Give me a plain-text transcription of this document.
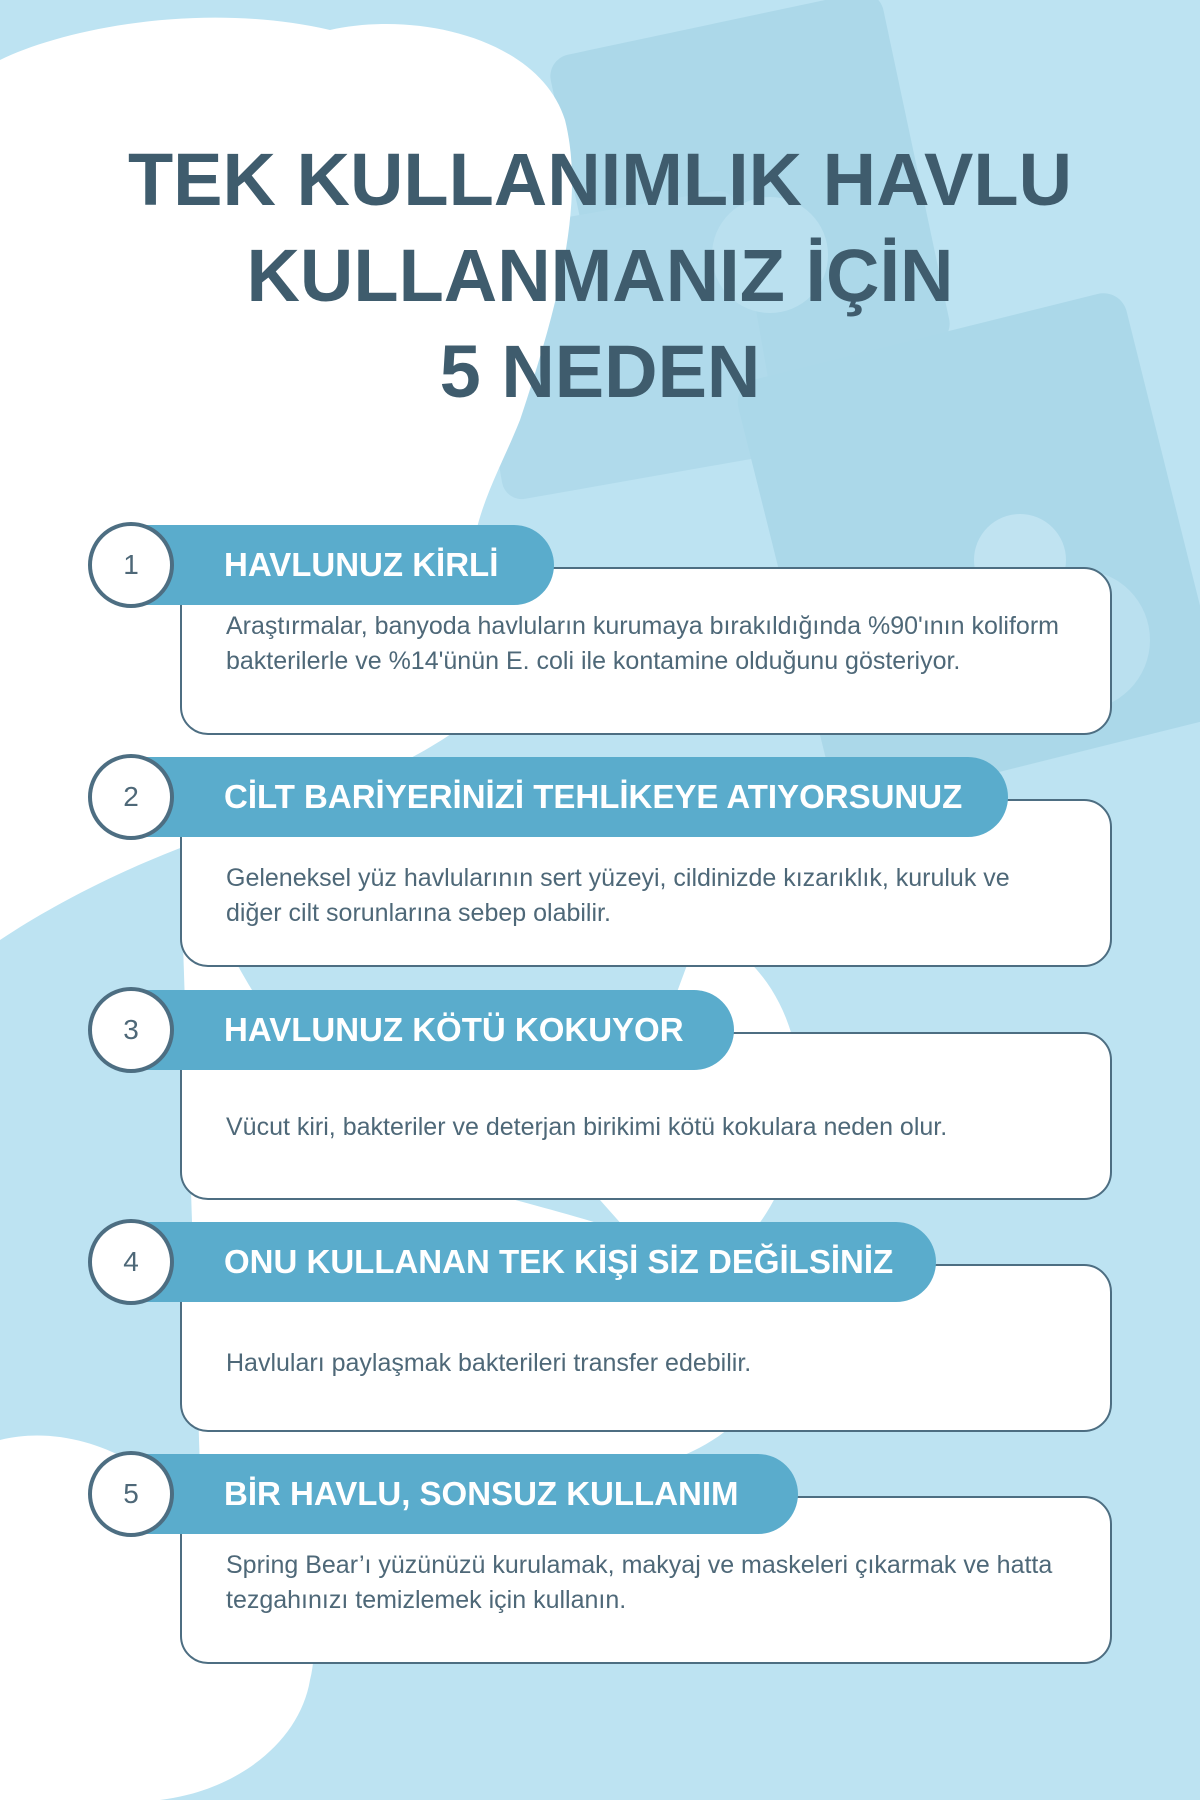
TEK KULLANIMLIK HAVLU
KULLANMANIZ İÇİN
5 NEDEN
Araştırmalar, banyoda havluların kurumaya bırakıldığında %90'ının koliform bakterilerle ve %14'ünün E. coli ile kontamine olduğunu gösteriyor.
HAVLUNUZ KİRLİ
1
Geleneksel yüz havlularının sert yüzeyi, cildinizde kızarıklık, kuruluk ve diğer cilt sorunlarına sebep olabilir.
CİLT BARİYERİNİZİ TEHLİKEYE ATIYORSUNUZ
2
Vücut kiri, bakteriler ve deterjan birikimi kötü kokulara neden olur.
HAVLUNUZ KÖTÜ KOKUYOR
3
Havluları paylaşmak bakterileri transfer edebilir.
ONU KULLANAN TEK KİŞİ SİZ DEĞİLSİNİZ
4
Spring Bear’ı yüzünüzü kurulamak, makyaj ve maskeleri çıkarmak ve hatta tezgahınızı temizlemek için kullanın.
BİR HAVLU, SONSUZ KULLANIM
5
